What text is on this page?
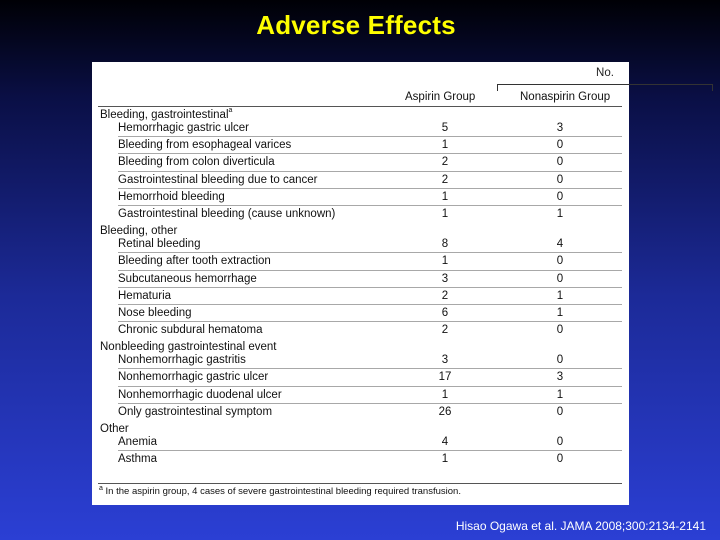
Adverse Effects
No.
Aspirin Group	Nonaspirin Group
Bleeding, gastrointestinal$^a$
Hemorrhagic gastric ulcer	5	3
Bleeding from esophageal varices	1	0
Bleeding from colon diverticula	2	0
Gastrointestinal bleeding due to cancer	2	0
Hemorrhoid bleeding	1	0
Gastrointestinal bleeding (cause unknown)	1	1
Bleeding, other
Retinal bleeding	8	4
Bleeding after tooth extraction	1	0
Subcutaneous hemorrhage	3	0
Hematuria	2	1
Nose bleeding	6	1
Chronic subdural hematoma	2	0
Nonbleeding gastrointestinal event
Nonhemorrhagic gastritis	3	0
Nonhemorrhagic gastric ulcer	17	3
Nonhemorrhagic duodenal ulcer	1	1
Only gastrointestinal symptom	26	0
Other
Anemia	4	0
Asthma	1	0
$^a$ In the aspirin group, 4 cases of severe gastrointestinal bleeding required transfusion.
Hisao Ogawa et al. JAMA 2008;300:2134-2141
